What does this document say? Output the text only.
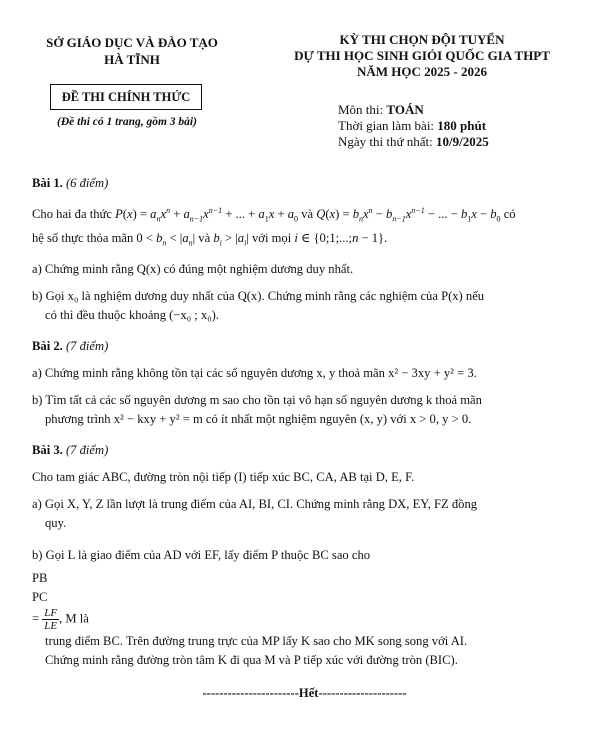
SỞ GIÁO DỤC VÀ ĐÀO TẠO
HÀ TĨNH
ĐỀ THI CHÍNH THỨC
(Đề thi có 1 trang, gồm 3 bài)
KỲ THI CHỌN ĐỘI TUYỂN
DỰ THI HỌC SINH GIỎI QUỐC GIA THPT
NĂM HỌC 2025 - 2026
Môn thi: TOÁN
Thời gian làm bài: 180 phút
Ngày thi thứ nhất: 10/9/2025
Bài 1. (6 điểm)

Cho hai đa thức $P(x) = a_nx^n + a_{n-1}x^{n-1}$ + ... + $a_1x + a_0$ và $Q(x) = b_nx^n - b_{n-1}x^{n-1}$ − ... − $b_1x - b_0$ có

hệ số thực thỏa mãn $0 < b_n < |a_n|$ và $b_i > |a_i|$ với mọi i ∈ {0;1;...;n − 1}.

a) Chứng minh rằng Q(x) có đúng một nghiệm dương duy nhất.

b) Gọi x₀ là nghiệm dương duy nhất của Q(x). Chứng minh rằng các nghiệm của P(x) nếu

có thì đều thuộc khoảng (−x₀ ; x₀).

Bài 2. (7 điểm)

a) Chứng minh rằng không tồn tại các số nguyên dương x, y thoả mãn x² − 3xy + y² = 3.

b) Tìm tất cả các số nguyên dương m sao cho tồn tại vô hạn số nguyên dương k thoả mãn

phương trình x² − kxy + y² = m có ít nhất một nghiệm nguyên (x, y) với x > 0, y > 0.

Bài 3. (7 điểm)

Cho tam giác ABC, đường tròn nội tiếp (I) tiếp xúc BC, CA, AB tại D, E, F.

a) Gọi X, Y, Z lần lượt là trung điểm của AI, BI, CI. Chứng minh rằng DX, EY, FZ đồng

quy.

b) Gọi L là giao điểm của AD với EF, lấy điểm P thuộc BC sao cho

PB
PC
= $\frac{LF}{LE}$ , M là

trung điểm BC. Trên đường trung trực của MP lấy K sao cho MK song song với AI.

Chứng minh rằng đường tròn tâm K đi qua M và P tiếp xúc với đường tròn (BIC).

-----------------------Hết---------------------
